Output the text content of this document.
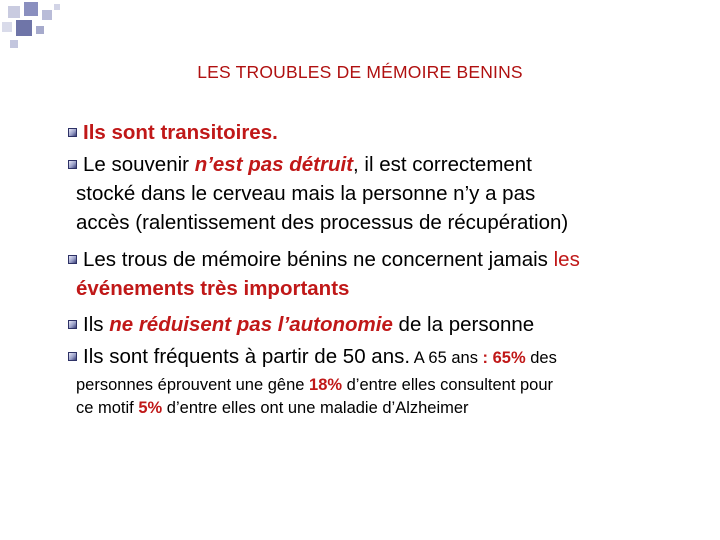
LES TROUBLES DE MÉMOIRE BENINS
Ils sont transitoires.
Le souvenir n’est pas détruit, il est correctement
stocké dans le cerveau mais la personne n’y a pas
accès (ralentissement des processus de récupération)
Les trous de mémoire bénins ne concernent jamais les
événements très importants
Ils ne réduisent pas l’autonomie de la personne
Ils sont fréquents à partir de 50 ans. A 65 ans : 65% des
personnes éprouvent une gêne 18% d’entre elles consultent pour
ce motif 5% d’entre elles ont une maladie d’Alzheimer
